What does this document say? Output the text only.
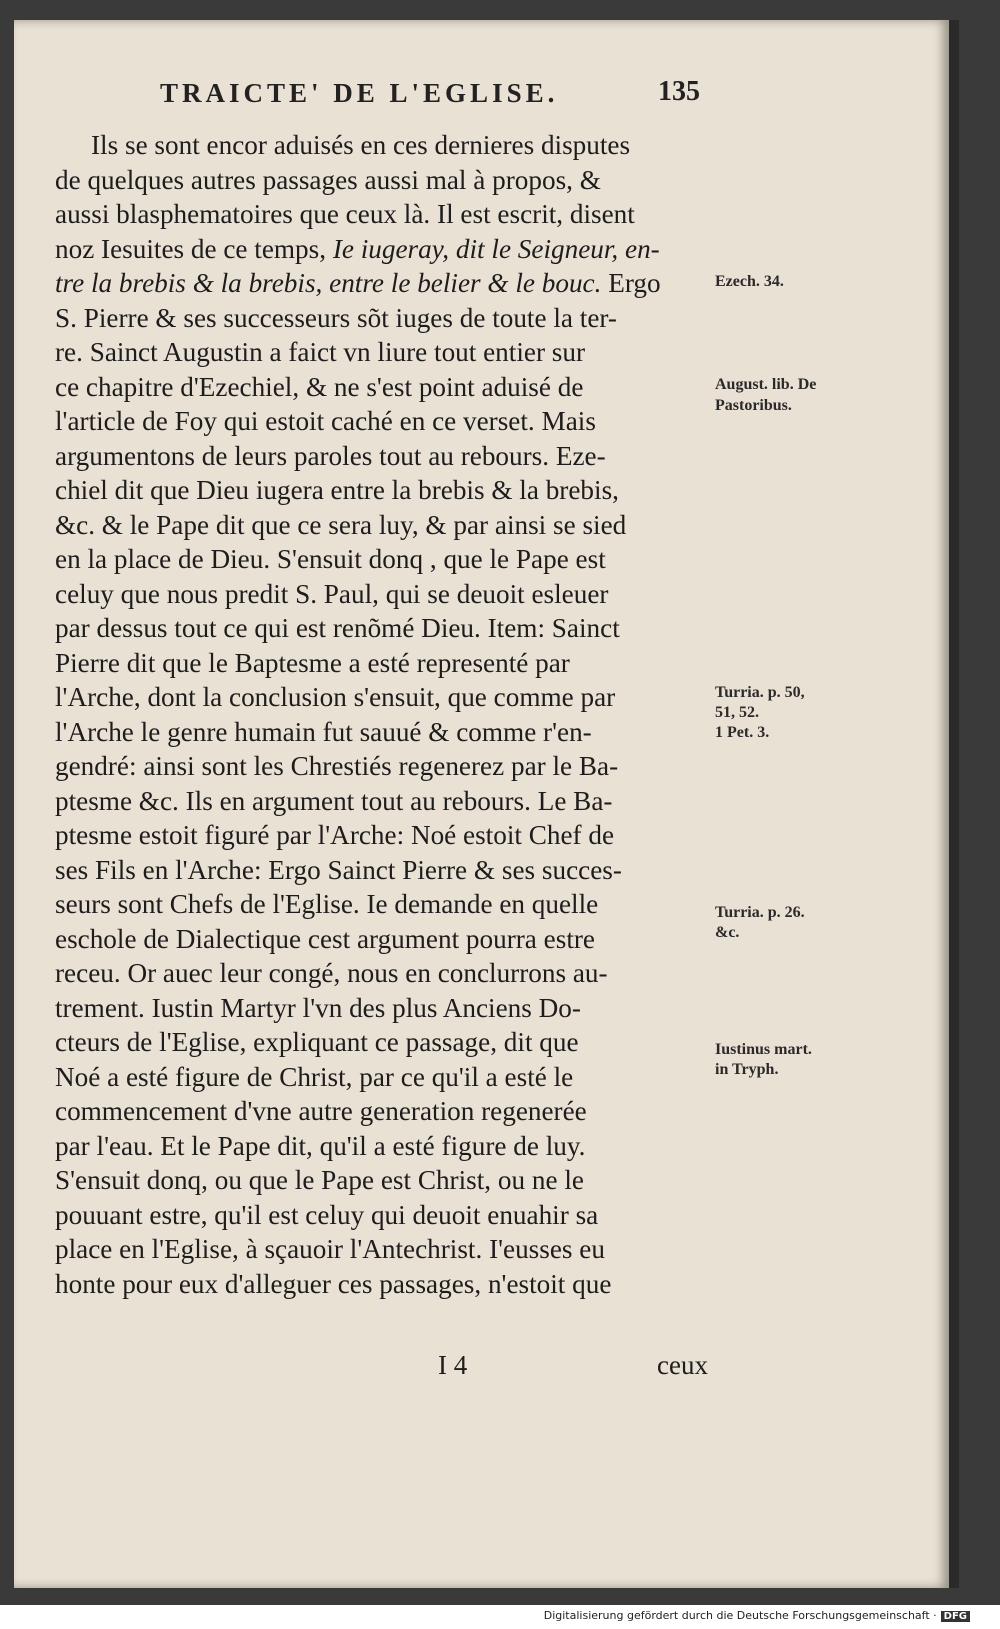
TRAICTE' DE L'EGLISE.	135
Ils se sont encor aduisés en ces dernieres disputes
de quelques autres passages aussi mal à propos, &
aussi blasphematoires que ceux là. Il est escrit, disent
noz Iesuites de ce temps, Ie iugeray, dit le Seigneur, en-
tre la brebis & la brebis, entre le belier & le bouc. Ergo
S. Pierre & ses successeurs sõt iuges de toute la ter-
re. Sainct Augustin a faict vn liure tout entier sur
ce chapitre d'Ezechiel, & ne s'est point aduisé de
l'article de Foy qui estoit caché en ce verset. Mais
argumentons de leurs paroles tout au rebours. Eze-
chiel dit que Dieu iugera entre la brebis & la brebis,
&c. & le Pape dit que ce sera luy, & par ainsi se sied
en la place de Dieu. S'ensuit donq , que le Pape est
celuy que nous predit S. Paul, qui se deuoit esleuer
par dessus tout ce qui est renõmé Dieu. Item: Sainct
Pierre dit que le Baptesme a esté representé par
l'Arche, dont la conclusion s'ensuit, que comme par
l'Arche le genre humain fut sauué & comme r'en-
gendré: ainsi sont les Chrestiés regenerez par le Ba-
ptesme &c. Ils en argument tout au rebours. Le Ba-
ptesme estoit figuré par l'Arche: Noé estoit Chef de
ses Fils en l'Arche: Ergo Sainct Pierre & ses succes-
seurs sont Chefs de l'Eglise. Ie demande en quelle
eschole de Dialectique cest argument pourra estre
receu. Or auec leur congé, nous en conclurrons au-
trement. Iustin Martyr l'vn des plus Anciens Do-
cteurs de l'Eglise, expliquant ce passage, dit que
Noé a esté figure de Christ, par ce qu'il a esté le
commencement d'vne autre generation regenerée
par l'eau. Et le Pape dit, qu'il a esté figure de luy.
S'ensuit donq, ou que le Pape est Christ, ou ne le
pouuant estre, qu'il est celuy qui deuoit enuahir sa
place en l'Eglise, à sçauoir l'Antechrist. I'eusses eu
honte pour eux d'alleguer ces passages, n'estoit que
Ezech. 34.
August. lib. De
Pastoribus.
Turria. p. 50,
51, 52.
1 Pet. 3.
Turria. p. 26.
&c.
Iustinus mart.
in Tryph.
I 4	ceux
Digitalisierung gefördert durch die Deutsche Forschungsgemeinschaft · DFG
